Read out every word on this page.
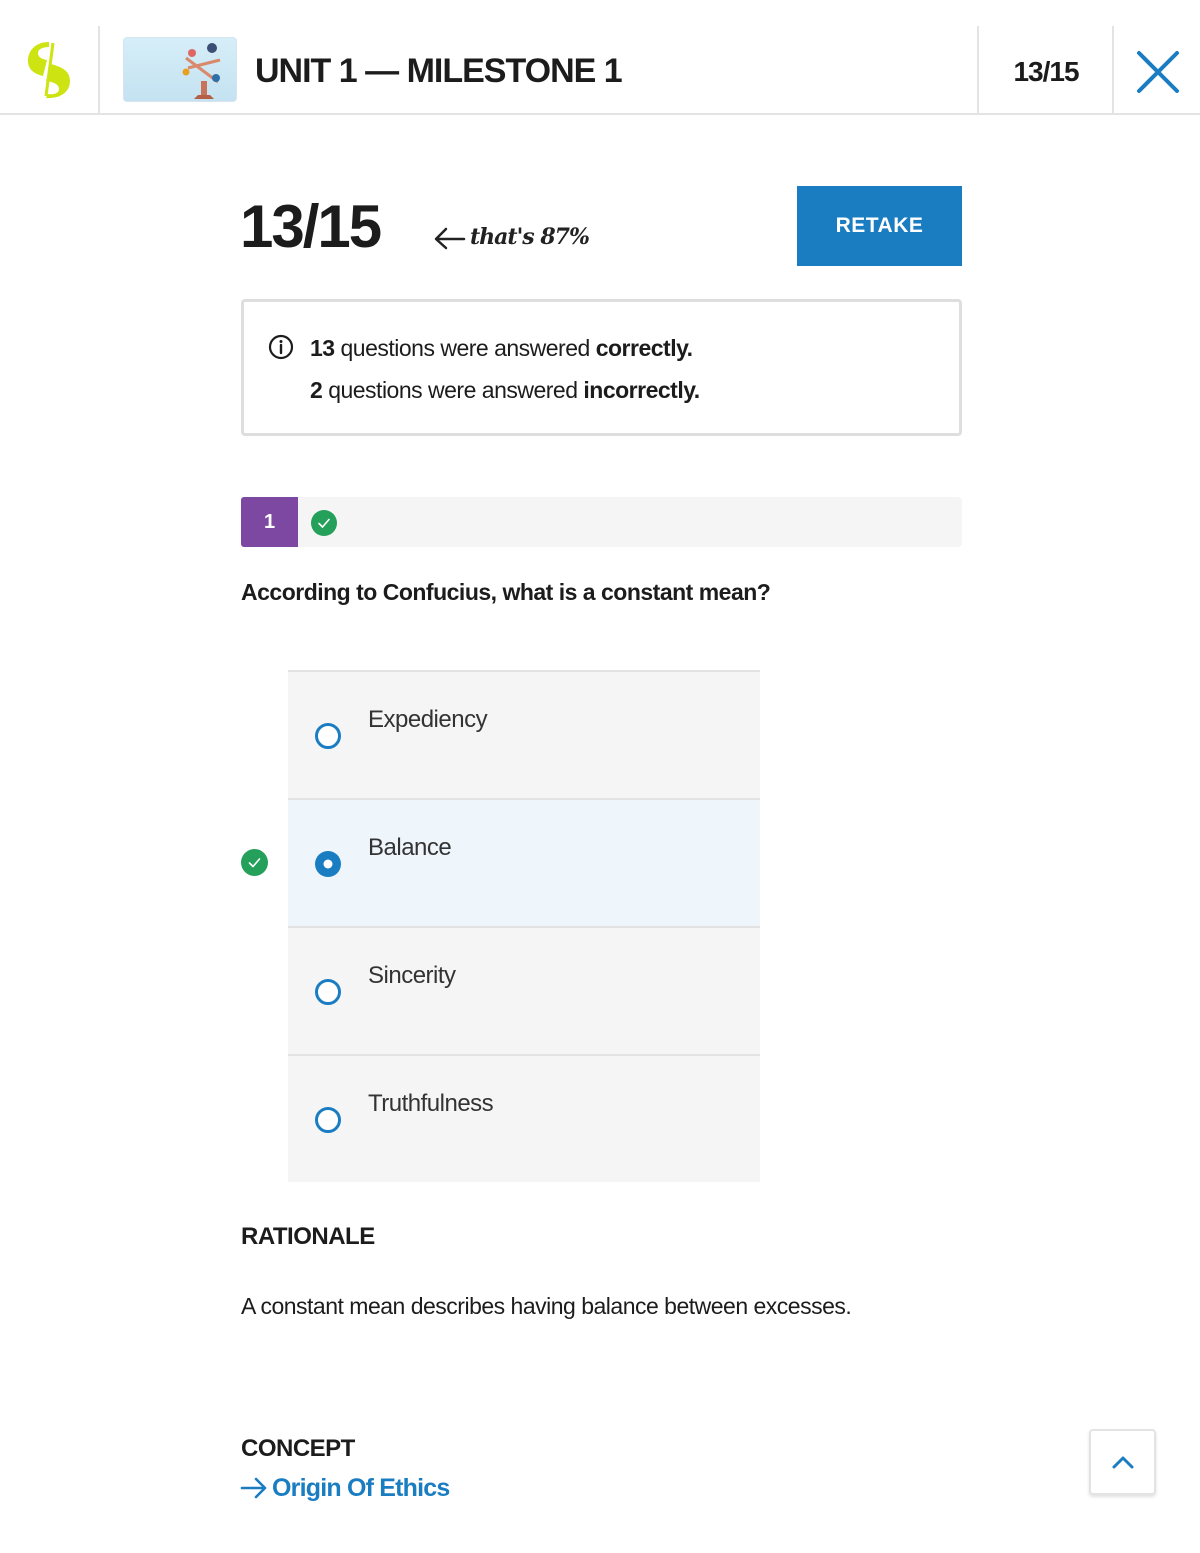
UNIT 1 — MILESTONE 1	13/15
13/15	that's 87%	RETAKE
13 questions were answered correctly.
2 questions were answered incorrectly.
1
According to Confucius, what is a constant mean?
Expediency
Balance
Sincerity
Truthfulness
RATIONALE
A constant mean describes having balance between excesses.
CONCEPT
Origin Of Ethics
